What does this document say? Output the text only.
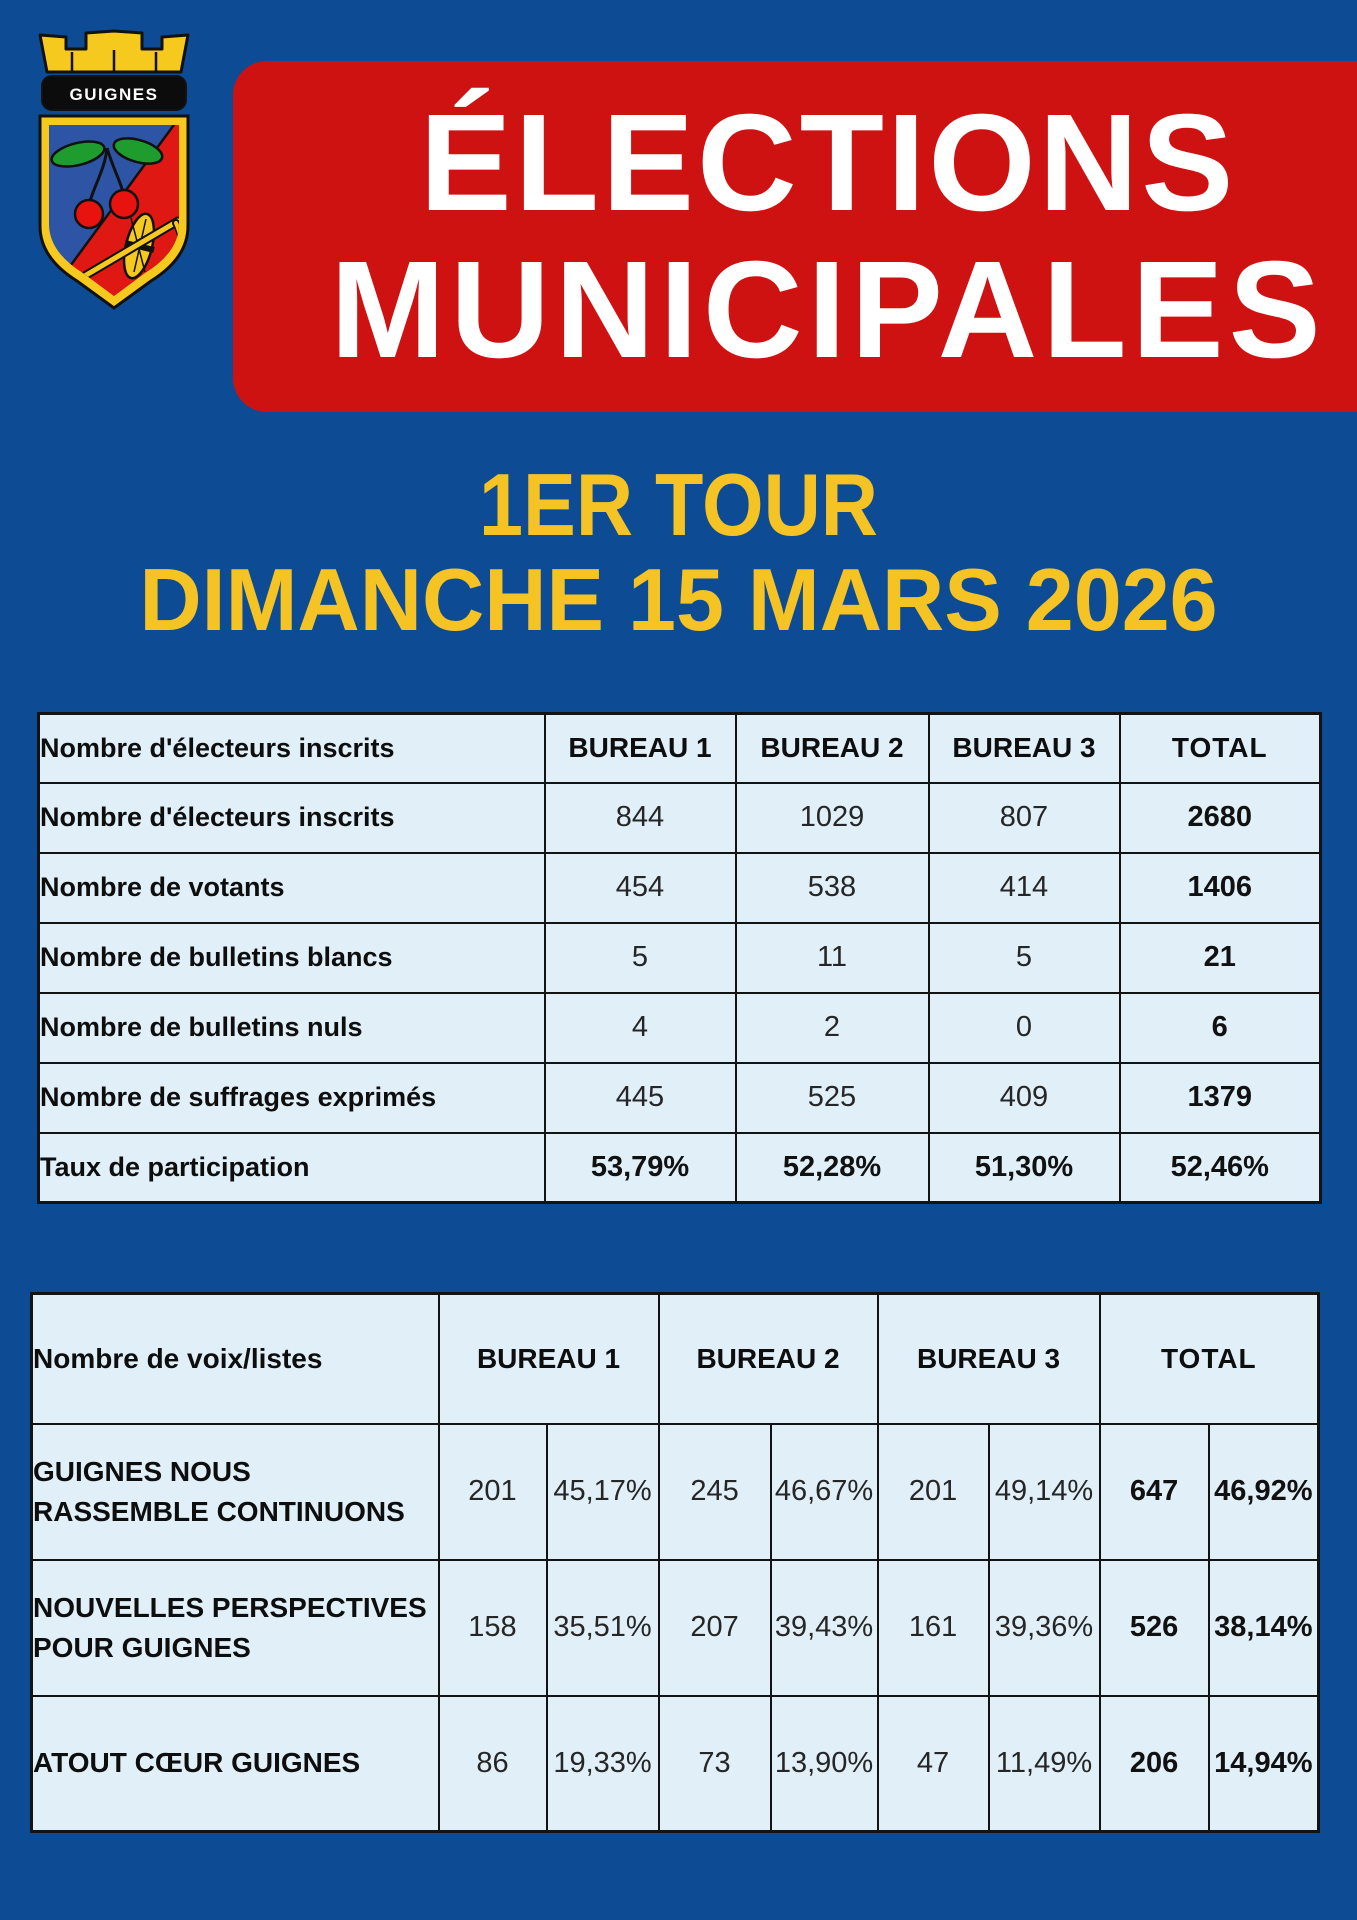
GUIGNES ÉLECTIONS
MUNICIPALES
1ER TOUR
DIMANCHE 15 MARS 2026
Nombre d'électeurs inscrits	BUREAU 1	BUREAU 2	BUREAU 3	TOTAL
Nombre d'électeurs inscrits	844	1029	807	2680
Nombre de votants	454	538	414	1406
Nombre de bulletins blancs	5	11	5	21
Nombre de bulletins nuls	4	2	0	6
Nombre de suffrages exprimés	445	525	409	1379
Taux de participation	53,79%	52,28%	51,30%	52,46%
Nombre de voix/listes	BUREAU 1		BUREAU 2		BUREAU 3		TOTAL	

GUIGNES NOUS
RASSEMBLE CONTINUONS	201	45,17%	245	46,67%	201	49,14%	647	46,92%

NOUVELLES PERSPECTIVES
POUR GUIGNES	158	35,51%	207	39,43%	161	39,36%	526	38,14%

ATOUT CŒUR GUIGNES	86	19,33%	73	13,90%	47	11,49%	206	14,94%
